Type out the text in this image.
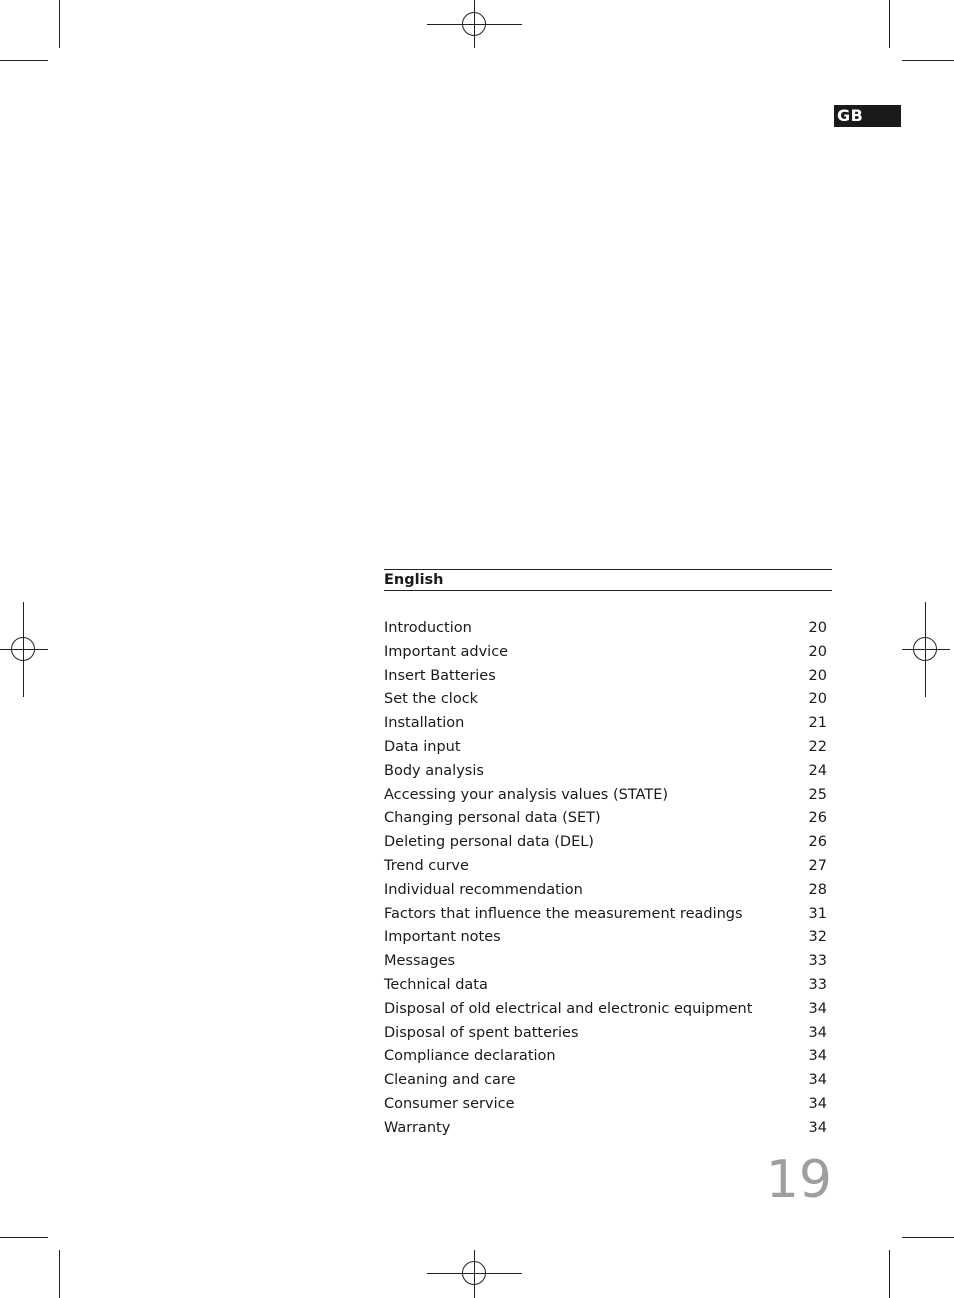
GB
English
Introduction	20
Important advice	20
Insert Batteries	20
Set the clock	20
Installation	21
Data input	22
Body analysis	24
Accessing your analysis values (STATE)	25
Changing personal data (SET)	26
Deleting personal data (DEL)	26
Trend curve	27
Individual recommendation	28
Factors that influence the measurement readings	31
Important notes	32
Messages	33
Technical data	33
Disposal of old electrical and electronic equipment	34
Disposal of spent batteries	34
Compliance declaration	34
Cleaning and care	34
Consumer service	34
Warranty	34
19
